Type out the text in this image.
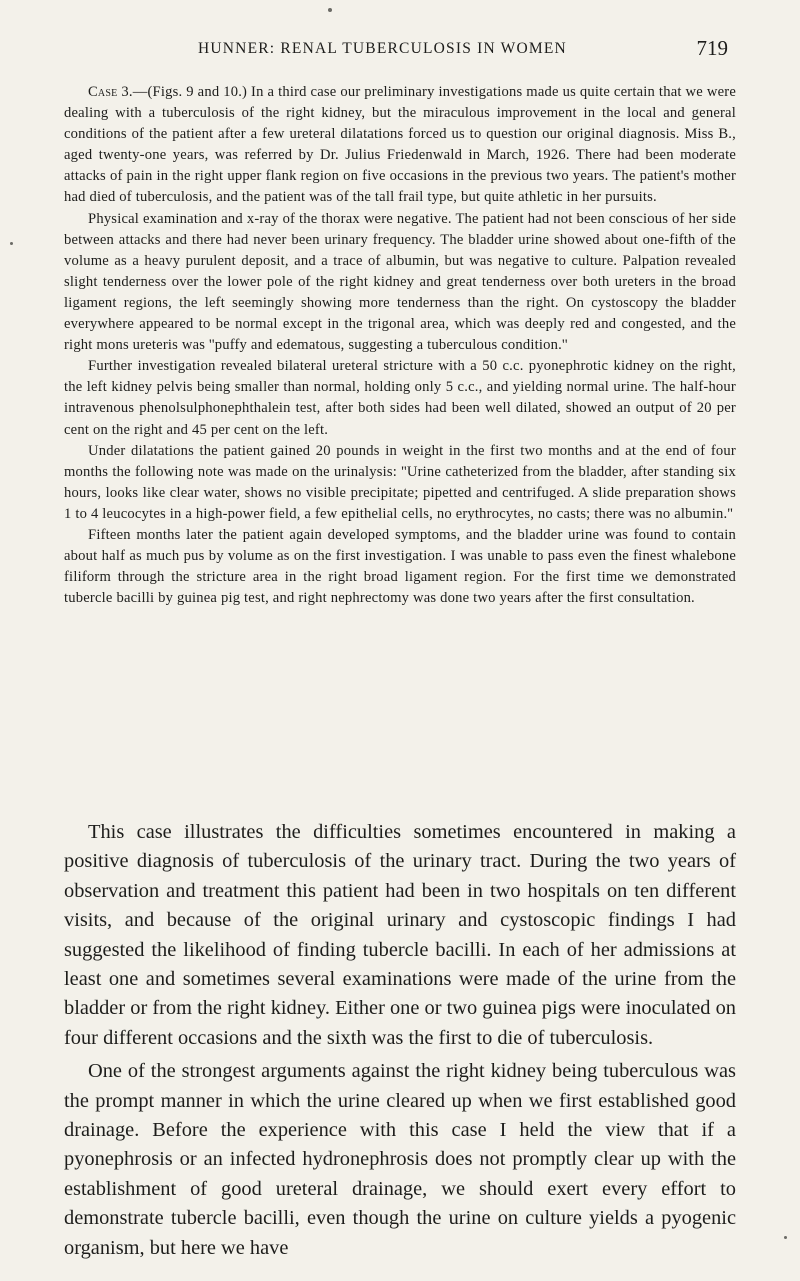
HUNNER: RENAL TUBERCULOSIS IN WOMEN	719

Case 3.—(Figs. 9 and 10.) In a third case our preliminary investigations made us quite certain that we were dealing with a tuberculosis of the right kidney, but the miraculous improvement in the local and general conditions of the patient after a few ureteral dilatations forced us to question our original diagnosis. Miss B., aged twenty-one years, was referred by Dr. Julius Friedenwald in March, 1926. There had been moderate attacks of pain in the right upper flank region on five occasions in the previous two years. The patient's mother had died of tuberculosis, and the patient was of the tall frail type, but quite athletic in her pursuits.

Physical examination and x-ray of the thorax were negative. The patient had not been conscious of her side between attacks and there had never been urinary frequency. The bladder urine showed about one-fifth of the volume as a heavy purulent deposit, and a trace of albumin, but was negative to culture. Palpation revealed slight tenderness over the lower pole of the right kidney and great tenderness over both ureters in the broad ligament regions, the left seemingly showing more tenderness than the right. On cystoscopy the bladder everywhere appeared to be normal except in the trigonal area, which was deeply red and congested, and the right mons ureteris was ''puffy and edematous, suggesting a tuberculous condition.''

Further investigation revealed bilateral ureteral stricture with a 50 c.c. pyonephrotic kidney on the right, the left kidney pelvis being smaller than normal, holding only 5 c.c., and yielding normal urine. The half-hour intravenous phenolsulphonephthalein test, after both sides had been well dilated, showed an output of 20 per cent on the right and 45 per cent on the left.

Under dilatations the patient gained 20 pounds in weight in the first two months and at the end of four months the following note was made on the urinalysis: ''Urine catheterized from the bladder, after standing six hours, looks like clear water, shows no visible precipitate; pipetted and centrifuged. A slide preparation shows 1 to 4 leucocytes in a high-power field, a few epithelial cells, no erythrocytes, no casts; there was no albumin.''

Fifteen months later the patient again developed symptoms, and the bladder urine was found to contain about half as much pus by volume as on the first investigation. I was unable to pass even the finest whalebone filiform through the stricture area in the right broad ligament region. For the first time we demonstrated tubercle bacilli by guinea pig test, and right nephrectomy was done two years after the first consultation.

This case illustrates the difficulties sometimes encountered in making a positive diagnosis of tuberculosis of the urinary tract. During the two years of observation and treatment this patient had been in two hospitals on ten different visits, and because of the original urinary and cystoscopic findings I had suggested the likelihood of finding tubercle bacilli. In each of her admissions at least one and sometimes several examinations were made of the urine from the bladder or from the right kidney. Either one or two guinea pigs were inoculated on four different occasions and the sixth was the first to die of tuberculosis.

One of the strongest arguments against the right kidney being tuberculous was the prompt manner in which the urine cleared up when we first established good drainage. Before the experience with this case I held the view that if a pyonephrosis or an infected hydronephrosis does not promptly clear up with the establishment of good ureteral drainage, we should exert every effort to demonstrate tubercle bacilli, even though the urine on culture yields a pyogenic organism, but here we have
